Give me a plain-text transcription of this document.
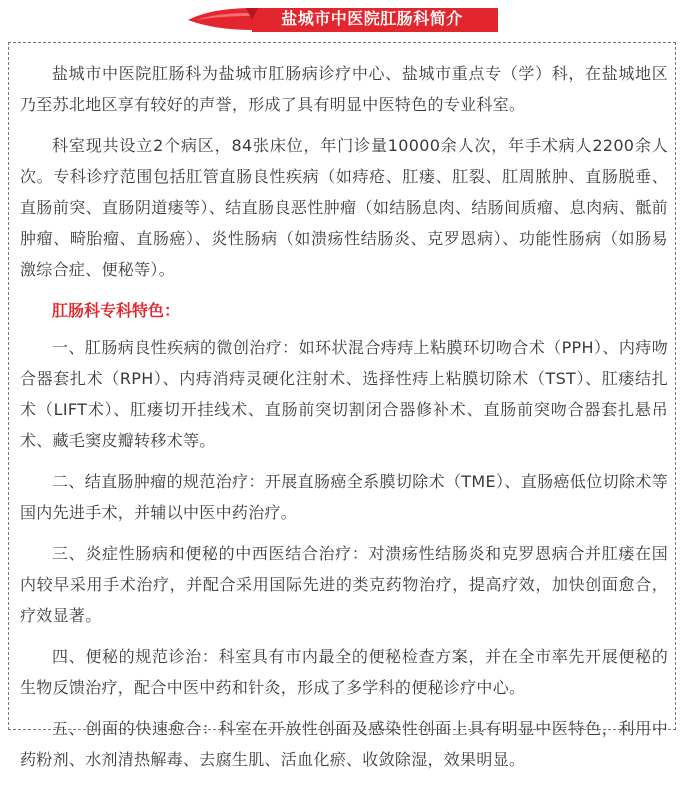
盐城市中医院肛肠科简介

盐城市中医院肛肠科为盐城市肛肠病诊疗中心、盐城市重点专（学）科，在盐城地区乃至苏北地区享有较好的声誉，形成了具有明显中医特色的专业科室。

科室现共设立2个病区，84张床位，年门诊量10000余人次，年手术病人2200余人次。专科诊疗范围包括肛管直肠良性疾病（如痔疮、肛瘘、肛裂、肛周脓肿、直肠脱垂、直肠前突、直肠阴道瘘等）、结直肠良恶性肿瘤（如结肠息肉、结肠间质瘤、息肉病、骶前肿瘤、畸胎瘤、直肠癌）、炎性肠病（如溃疡性结肠炎、克罗恩病）、功能性肠病（如肠易激综合症、便秘等）。

肛肠科专科特色：

一、肛肠病良性疾病的微创治疗：如环状混合痔痔上粘膜环切吻合术（PPH）、内痔吻合器套扎术（RPH）、内痔消痔灵硬化注射术、选择性痔上粘膜切除术（TST）、肛瘘结扎术（LIFT术）、肛瘘切开挂线术、直肠前突切割闭合器修补术、直肠前突吻合器套扎悬吊术、藏毛窦皮瓣转移术等。

二、结直肠肿瘤的规范治疗：开展直肠癌全系膜切除术（TME）、直肠癌低位切除术等国内先进手术，并辅以中医中药治疗。

三、炎症性肠病和便秘的中西医结合治疗：对溃疡性结肠炎和克罗恩病合并肛瘘在国内较早采用手术治疗，并配合采用国际先进的类克药物治疗，提高疗效，加快创面愈合，疗效显著。

四、便秘的规范诊治：科室具有市内最全的便秘检查方案，并在全市率先开展便秘的生物反馈治疗，配合中医中药和针灸，形成了多学科的便秘诊疗中心。

五、创面的快速愈合：科室在开放性创面及感染性创面上具有明显中医特色，利用中药粉剂、水剂清热解毒、去腐生肌、活血化瘀、收敛除湿，效果明显。
